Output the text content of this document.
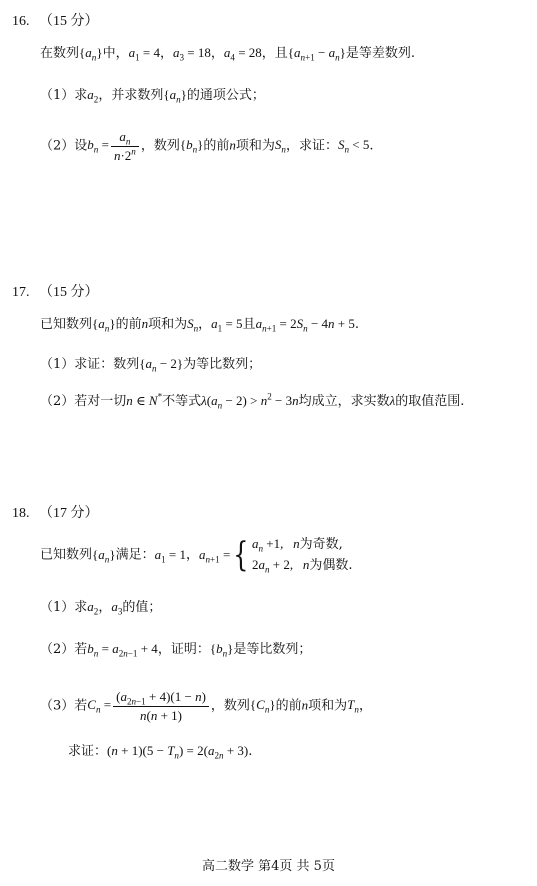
16. （15 分）
在数列$\{a_n\}$中，$a_1 = 4$，$a_3 = 18$，$a_4 = 28$，且$\{a_{n+1} - a_n\}$是等差数列.
（1）求$a_2$，并求数列$\{a_n\}$的通项公式；
（2）设$b_n = \frac{a_n}{n\cdot 2^n}$ ，数列$\{b_n\}$的前n项和为$S_n$，求证：$S_n < 5$.
17. （15 分）
已知数列$\{a_n\}$的前n项和为$S_n$，$a_1 = 5$且$a_{n+1} = 2S_n - 4n + 5$.
（1）求证：数列$\{a_n - 2\}$为等比数列；
（2）若对一切n ∈ N*不等式$\lambda(a_n - 2) > n^2 - 3n$均成立，求实数λ的取值范围.
18. （17 分）
已知数列$\{a_n\}$满足：$a_1 = 1$，$a_{n+1}$ ={ $a_n +1$,   n为奇数,
$2a_n + 2$,   n为偶数.
（1）求$a_2$，$a_3$的值；
（2）若$b_n = a_{2n-1} + 4$，证明：$\{b_n\}$是等比数列；
（3）若$C_n = \frac{(a_{2n-1} + 4)(1 - n)}{n(n + 1)}$ ，数列$\{C_n\}$的前n项和为$T_n$，
求证：$(n + 1)(5 - T_n) = 2(a_{2n} + 3)$.
高二数学 第4页 共 5页
